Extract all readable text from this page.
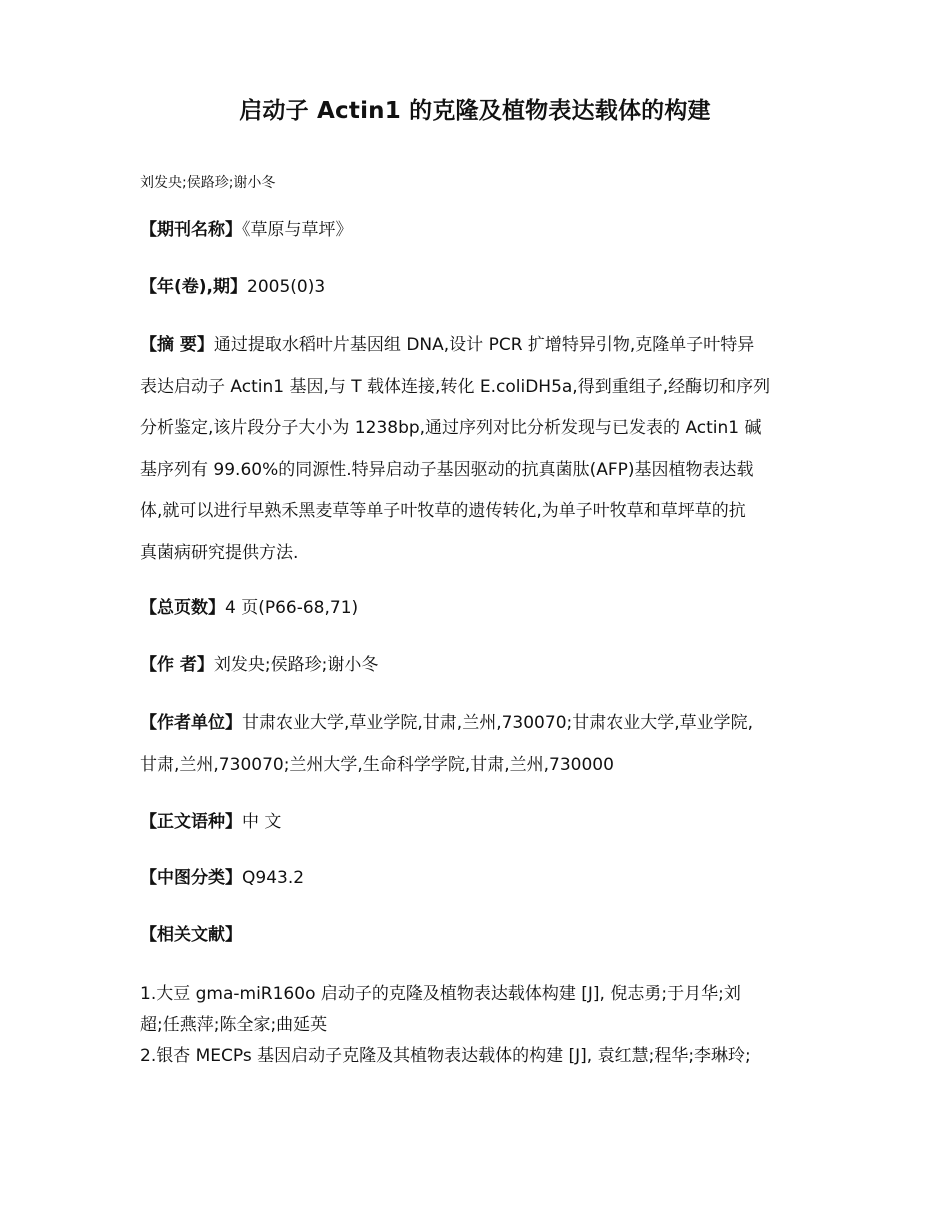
启动子 Actin1 的克隆及植物表达载体的构建
刘发央;侯路珍;谢小冬
【期刊名称】《草原与草坪》
【年(卷),期】2005(0)3
【摘 要】通过提取水稻叶片基因组 DNA,设计 PCR 扩增特异引物,克隆单子叶特异
表达启动子 Actin1 基因,与 T 载体连接,转化 E.coliDH5a,得到重组子,经酶切和序列
分析鉴定,该片段分子大小为 1238bp,通过序列对比分析发现与已发表的 Actin1 碱
基序列有 99.60%的同源性.特异启动子基因驱动的抗真菌肽(AFP)基因植物表达载
体,就可以进行早熟禾黑麦草等单子叶牧草的遗传转化,为单子叶牧草和草坪草的抗
真菌病研究提供方法.
【总页数】4 页(P66-68,71)
【作 者】刘发央;侯路珍;谢小冬
【作者单位】甘肃农业大学,草业学院,甘肃,兰州,730070;甘肃农业大学,草业学院,
甘肃,兰州,730070;兰州大学,生命科学学院,甘肃,兰州,730000
【正文语种】中 文
【中图分类】Q943.2
【相关文献】
1.大豆 gma-miR160o 启动子的克隆及植物表达载体构建 [J], 倪志勇;于月华;刘
超;任燕萍;陈全家;曲延英
2.银杏 MECPs 基因启动子克隆及其植物表达载体的构建 [J], 袁红慧;程华;李琳玲;
